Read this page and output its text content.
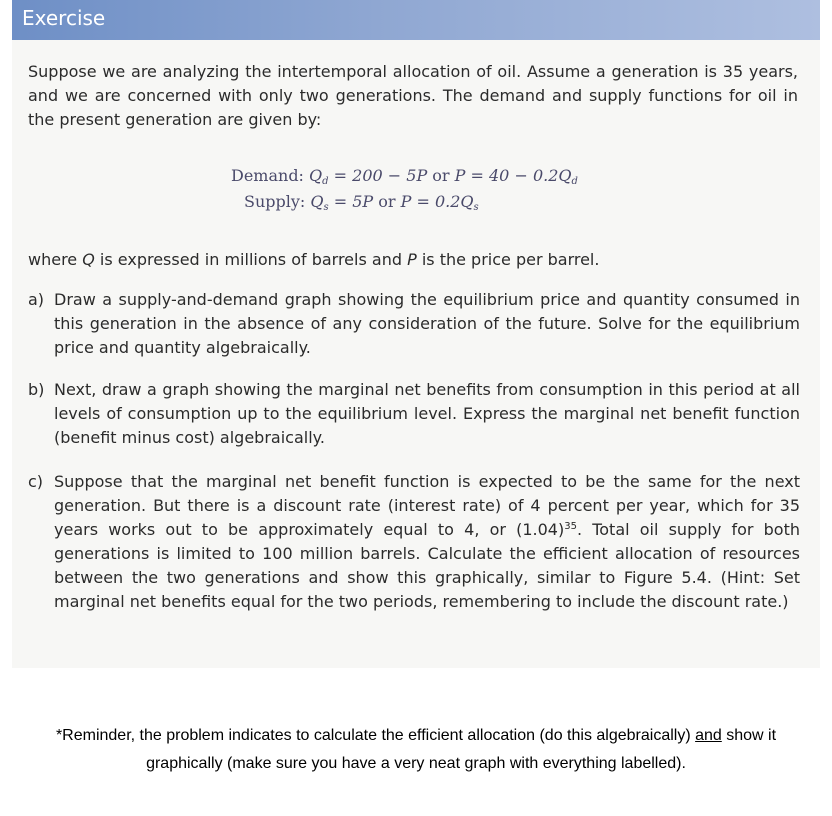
Exercise

Suppose we are analyzing the intertemporal allocation of oil. Assume a generation is 35 years, and we are concerned with only two generations. The demand and supply functions for oil in the present generation are given by:

Demand: $Q_d = 200 - 5P$ or $P = 40 - 0.2Q_d$
Supply: $Q_s = 5P$ or $P = 0.2Q_s$

where Q is expressed in millions of barrels and P is the price per barrel.

a) Draw a supply-and-demand graph showing the equilibrium price and quantity consumed in this generation in the absence of any consideration of the future. Solve for the equilibrium price and quantity algebraically.

b) Next, draw a graph showing the marginal net benefits from consumption in this period at all levels of consumption up to the equilibrium level. Express the marginal net benefit function (benefit minus cost) algebraically.

c) Suppose that the marginal net benefit function is expected to be the same for the next generation. But there is a discount rate (interest rate) of 4 percent per year, which for 35 years works out to be approximately equal to 4, or $(1.04)^{35}$. Total oil supply for both generations is limited to 100 million barrels. Calculate the efficient allocation of resources between the two generations and show this graphically, similar to Figure 5.4. (Hint: Set marginal net benefits equal for the two periods, remembering to include the discount rate.)

*Reminder, the problem indicates to calculate the efficient allocation (do this algebraically) and show it graphically (make sure you have a very neat graph with everything labelled).
